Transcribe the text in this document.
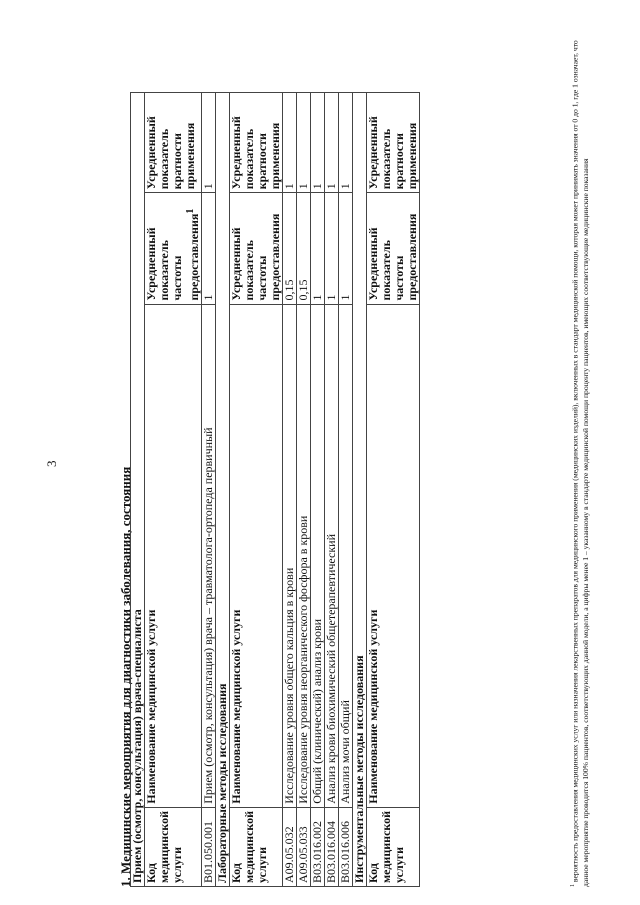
3
1. Медицинские мероприятия для диагностики заболевания, состояния
Прием (осмотр, консультация) врача-специалиста			
Код медицинской услуги	Наименование медицинской услуги	Усредненный показатель частоты предоставления$^1$	Усредненный показатель кратности применения
B01.050.001	Прием (осмотр, консультация) врача – травматолога-ортопеда первичный	1	1
Лабораторные методы исследования			
Код медицинской услуги	Наименование медицинской услуги	Усредненный показатель частоты предоставления	Усредненный показатель кратности применения
A09.05.032	Исследование уровня общего кальция в крови	0,15	1
A09.05.033	Исследование уровня неорганического фосфора в крови	0,15	1
B03.016.002	Общий (клинический) анализ крови	1	1
B03.016.004	Анализ крови биохимический общетерапевтический	1	1
B03.016.006	Анализ мочи общий	1	1
Инструментальные методы исследования			
Код медицинской услуги	Наименование медицинской услуги	Усредненный показатель частоты предоставления	Усредненный показатель кратности применения
$^1$ вероятность предоставления медицинских услуг или назначения лекарственных препаратов для медицинского применения (медицинских изделий), включенных в стандарт медицинской помощи, которая может принимать значения от 0 до 1, где 1 означает, что данное мероприятие проводится 100% пациентов, соответствующих данной модели, а цифры менее 1 – указанному в стандарте медицинской помощи проценту пациентов, имеющих соответствующие медицинские показания
